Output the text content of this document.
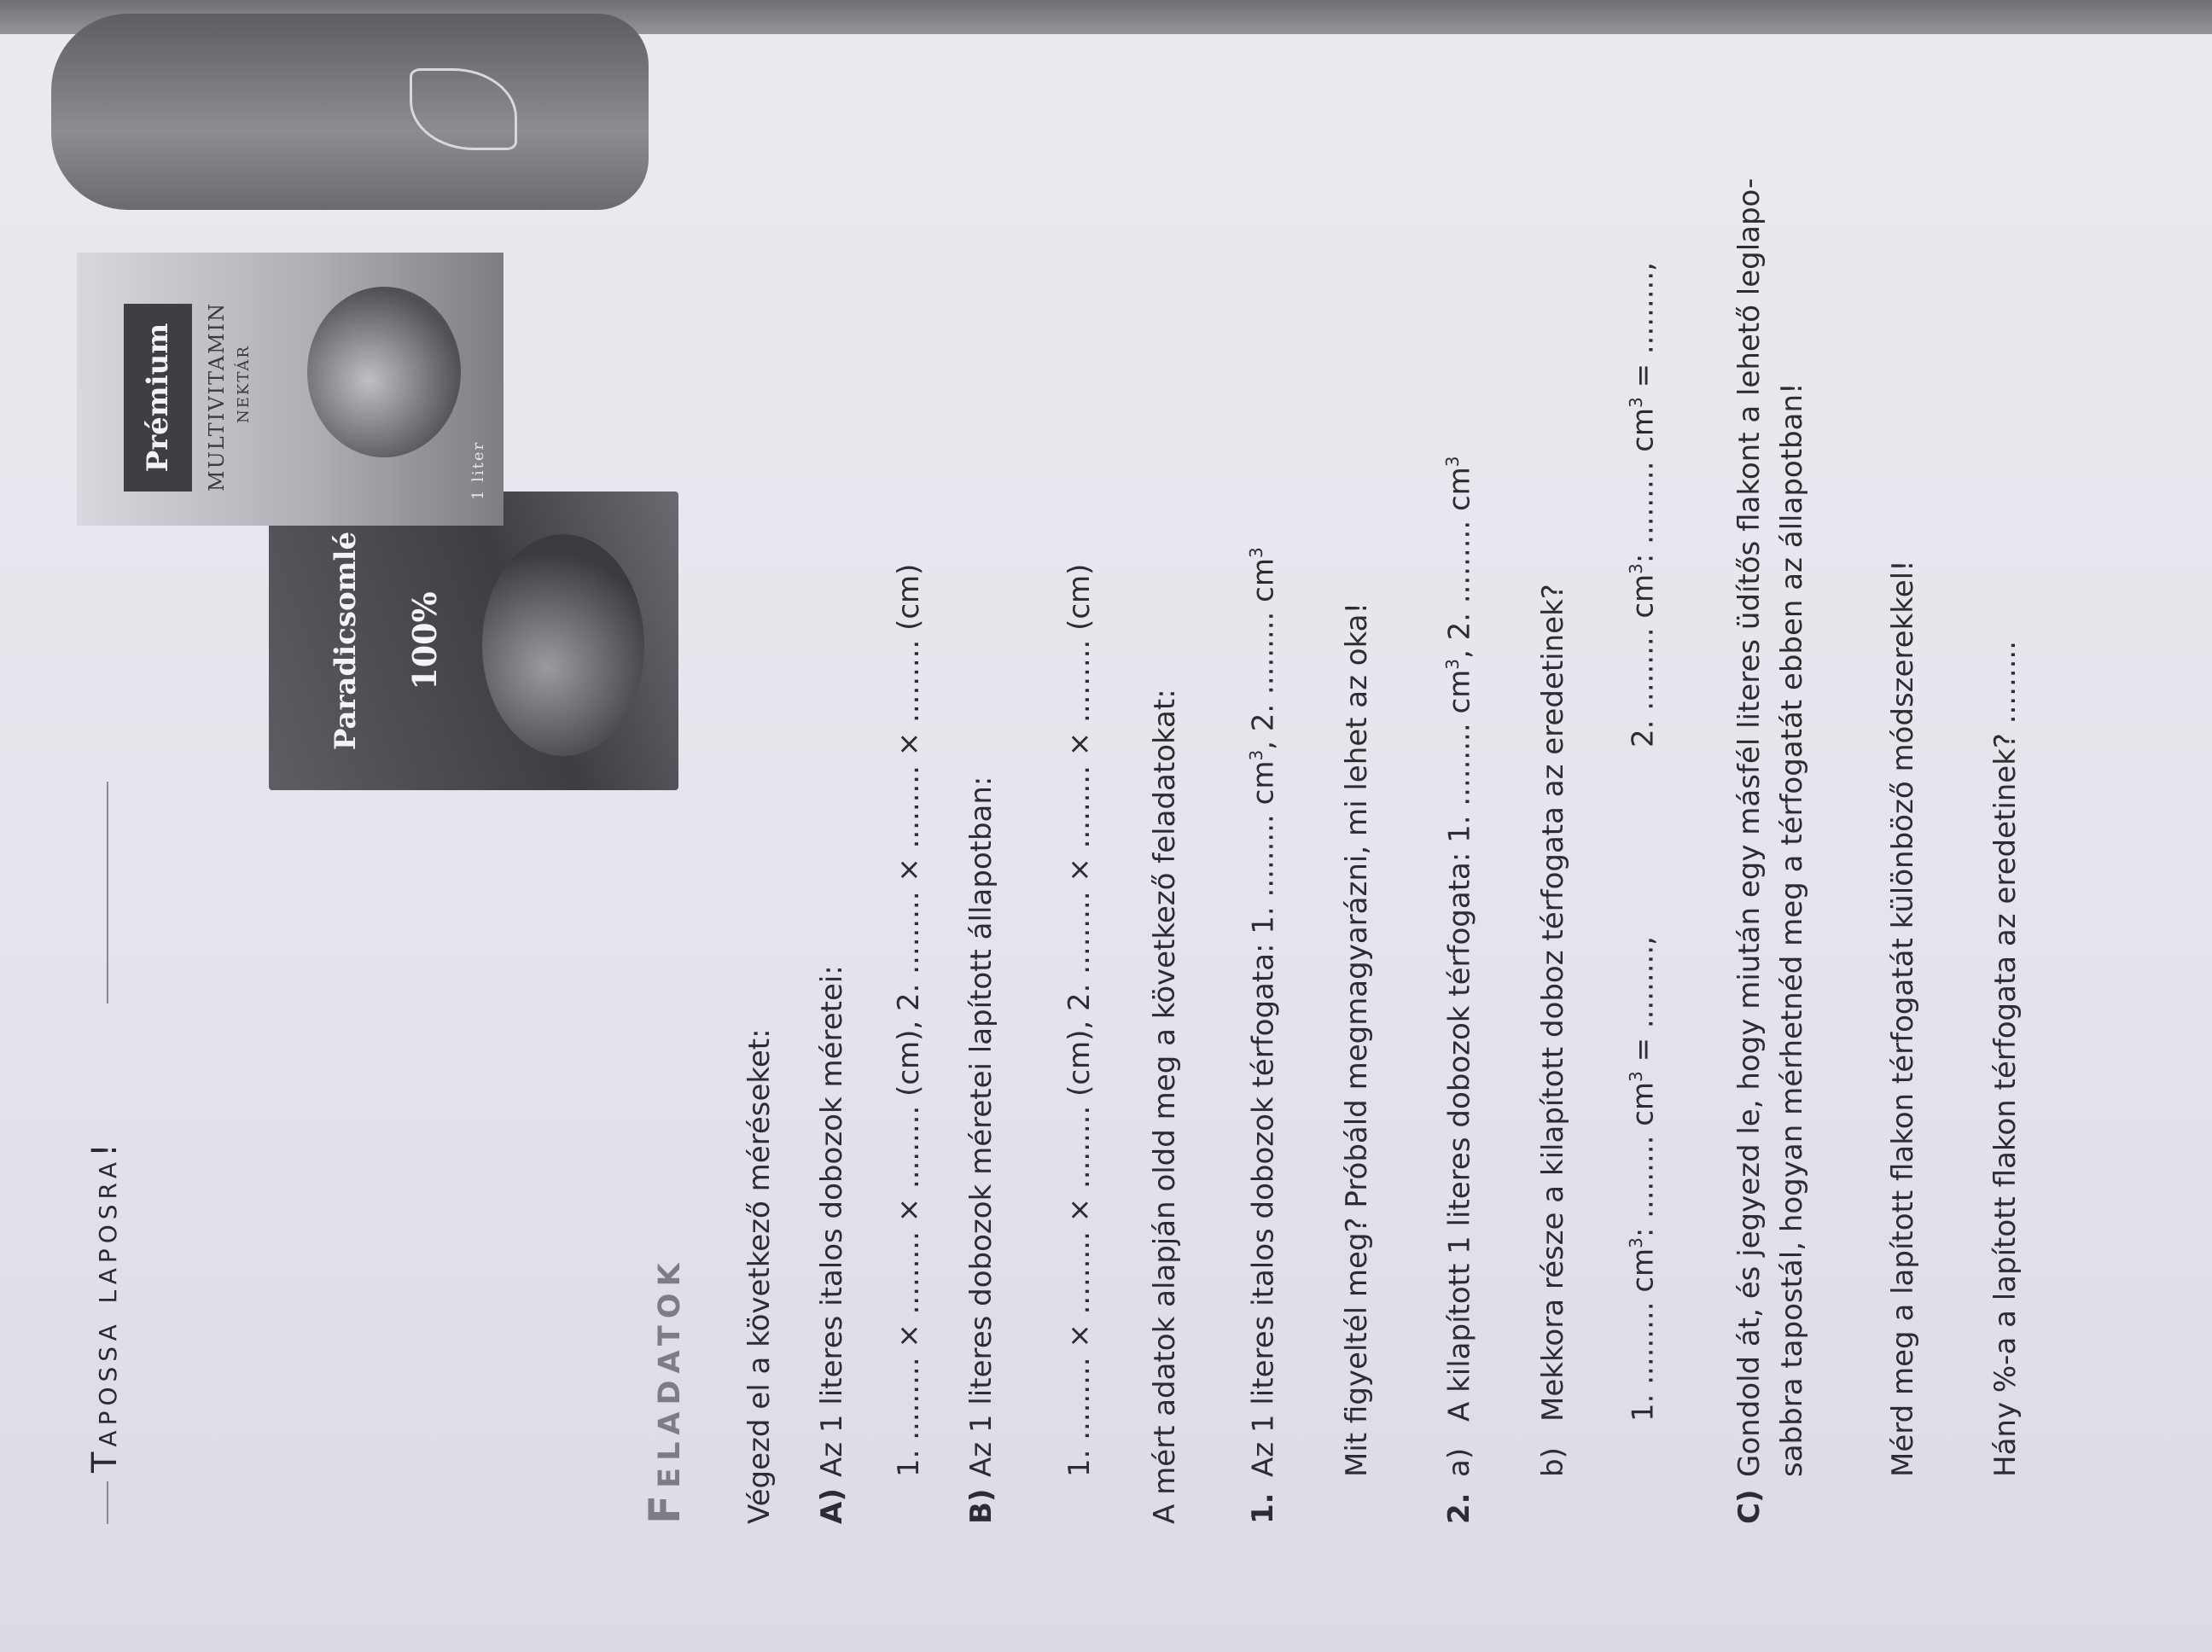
Tapossa laposra!
Paradicsomlé 100%
Prémium	MULTIVITAMIN NEKTÁR
1 liter
Feladatok Végezd el a következő méréseket: A)
Az 1 literes italos dobozok méretei: 1. ......... × ......... × ......... (cm), 2. ......... × ......... × ......... (cm)
B)
Az 1 literes dobozok méretei lapított állapotban: 1. ......... × ......... × ......... (cm), 2. ......... × ......... × ......... (cm) A mért adatok alapján oldd meg a következő feladatokat: 1.
Az 1 literes italos dobozok térfogata: 1. ......... $cm^3$, 2. ......... $cm^3$
Mit figyeltél meg? Próbáld megmagyarázni, mi lehet az oka!
2.
a)
A kilapított 1 literes dobozok térfogata: 1. ......... $cm^3$, 2. ......... $cm^3$
b)
Mekkora része a kilapított doboz térfogata az eredetinek? 1. ......... $cm^3$: ......... $cm^3$ = .........,
2. ......... $cm^3$: ......... $cm^3$ = .........,
C)
Gondold át, és jegyezd le, hogy miután egy másfél literes üdítős flakont a lehető leglapo- sabbra tapostál, hogyan mérhetnéd meg a térfogatát ebben az állapotban!	Mérd meg a lapított flakon térfogatát különböző módszerekkel! Hány %-a a lapított flakon térfogata az eredetinek? .........
